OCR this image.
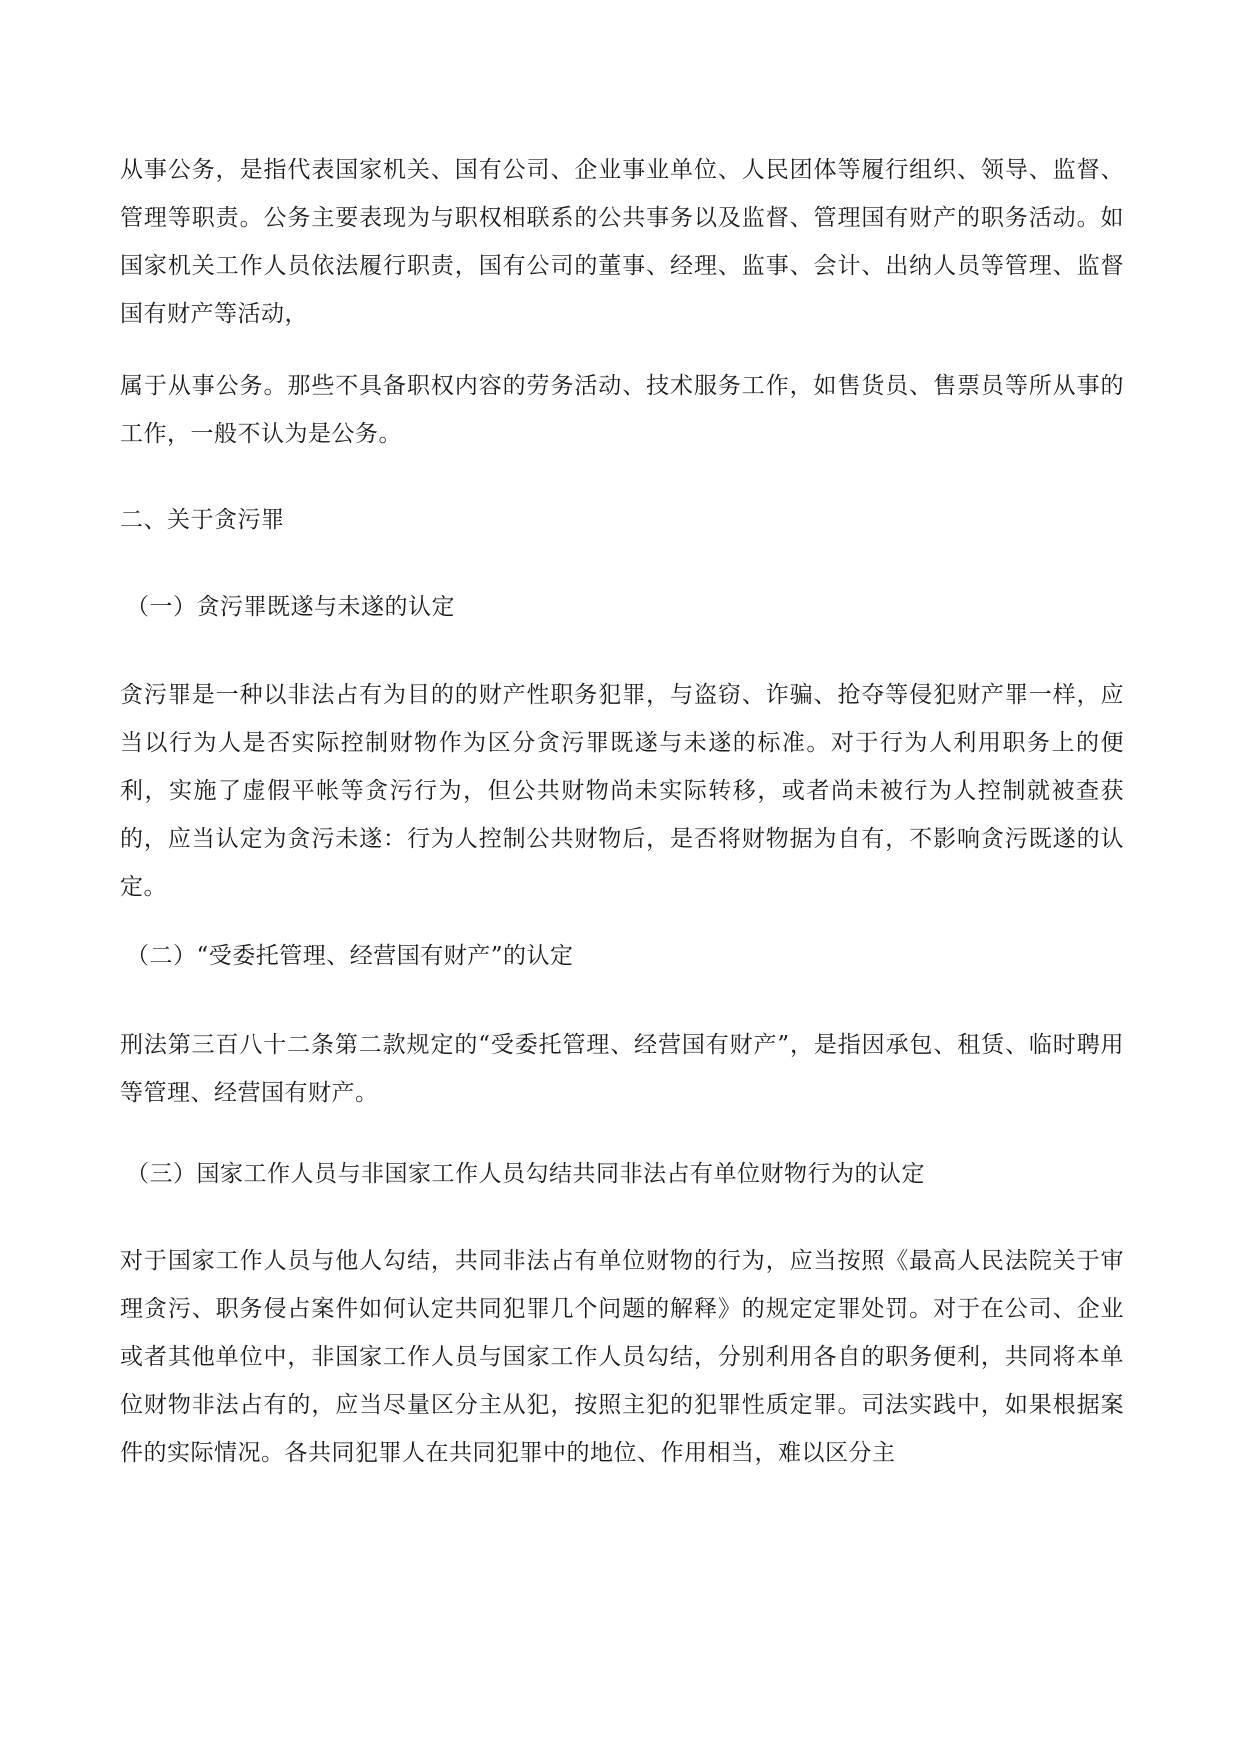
从事公务，是指代表国家机关、国有公司、企业事业单位、人民团体等履行组织、领导、监督、管理等职责。公务主要表现为与职权相联系的公共事务以及监督、管理国有财产的职务活动。如国家机关工作人员依法履行职责，国有公司的董事、经理、监事、会计、出纳人员等管理、监督国有财产等活动，

属于从事公务。那些不具备职权内容的劳务活动、技术服务工作，如售货员、售票员等所从事的工作，一般不认为是公务。

二、关于贪污罪

（一）贪污罪既遂与未遂的认定

贪污罪是一种以非法占有为目的的财产性职务犯罪，与盗窃、诈骗、抢夺等侵犯财产罪一样，应当以行为人是否实际控制财物作为区分贪污罪既遂与未遂的标准。对于行为人利用职务上的便利，实施了虚假平帐等贪污行为，但公共财物尚未实际转移，或者尚未被行为人控制就被查获的，应当认定为贪污未遂：行为人控制公共财物后，是否将财物据为自有，不影响贪污既遂的认定。

（二）“受委托管理、经营国有财产”的认定

刑法第三百八十二条第二款规定的“受委托管理、经营国有财产”，是指因承包、租赁、临时聘用等管理、经营国有财产。

（三）国家工作人员与非国家工作人员勾结共同非法占有单位财物行为的认定

对于国家工作人员与他人勾结，共同非法占有单位财物的行为，应当按照《最高人民法院关于审理贪污、职务侵占案件如何认定共同犯罪几个问题的解释》的规定定罪处罚。对于在公司、企业或者其他单位中，非国家工作人员与国家工作人员勾结，分别利用各自的职务便利，共同将本单位财物非法占有的，应当尽量区分主从犯，按照主犯的犯罪性质定罪。司法实践中，如果根据案件的实际情况。各共同犯罪人在共同犯罪中的地位、作用相当，难以区分主
